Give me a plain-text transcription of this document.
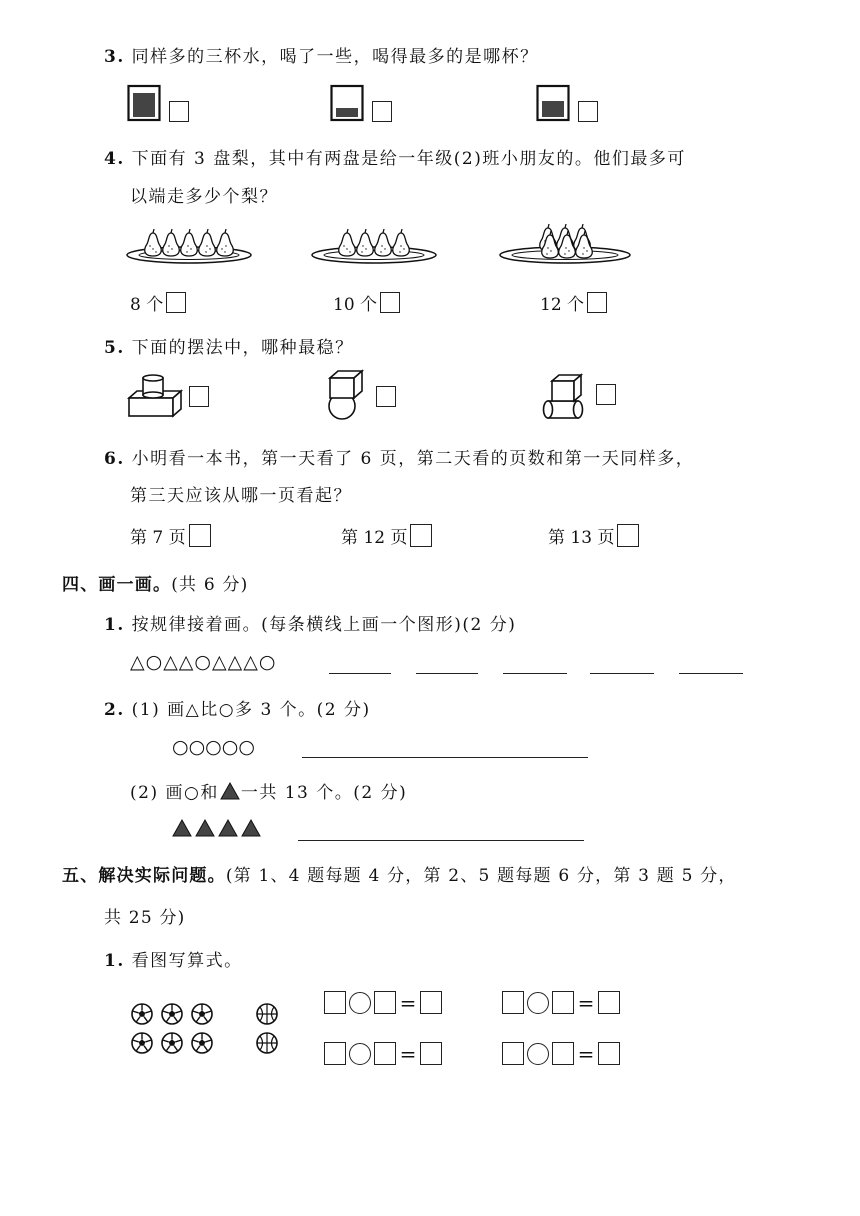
3. 同样多的三杯水，喝了一些，喝得最多的是哪杯？
4. 下面有 3 盘梨，其中有两盘是给一年级(2)班小朋友的。他们最多可
以端走多少个梨？
8 个	10 个	12 个
5. 下面的摆法中，哪种最稳？
6. 小明看一本书，第一天看了 6 页，第二天看的页数和第一天同样多，
第三天应该从哪一页看起？
第 7 页	第 12 页	第 13 页
四、画一画。(共 6 分)
1. 按规律接着画。(每条横线上画一个图形)(2 分)
△○△△○△△△○
2. (1) 画△比○多 3 个。(2 分)
○○○○○
(2) 画○和 一共 13 个。(2 分)
五、解决实际问题。(第 1、4 题每题 4 分，第 2、5 题每题 6 分，第 3 题 5 分，
共 25 分)
1. 看图写算式。
=	=
=	=
